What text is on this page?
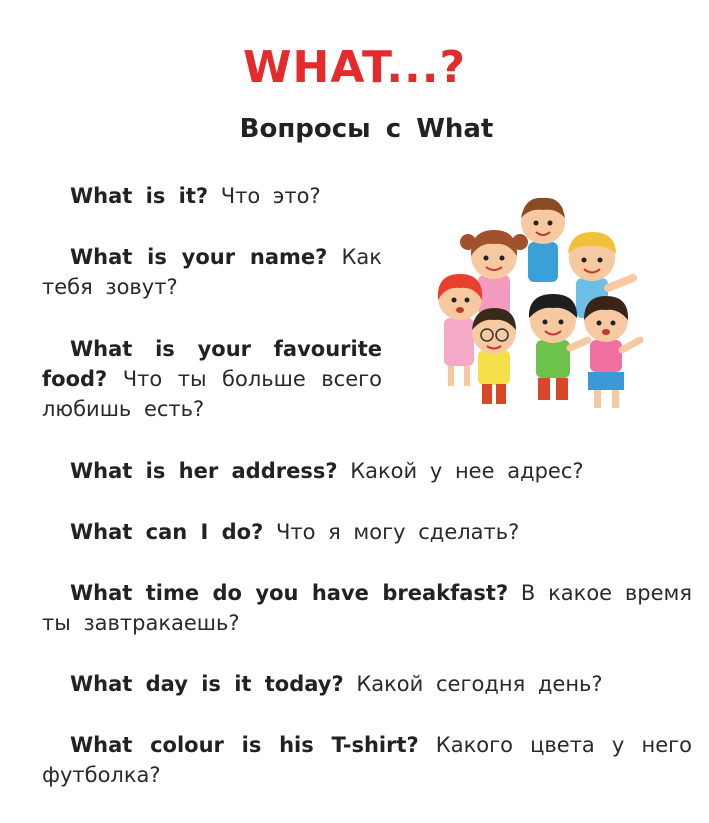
WHAT...?
Вопросы с What
What is it? Что это?
What is your name? Как тебя зовут?
What is your favourite food? Что ты больше всего любишь есть?
What is her address? Какой у нее адрес?
What can I do? Что я могу сделать?
What time do you have breakfast? В какое время ты завтракаешь?
What day is it today? Какой сегодня день?
What colour is his T-shirt? Какого цвета у него футболка?
